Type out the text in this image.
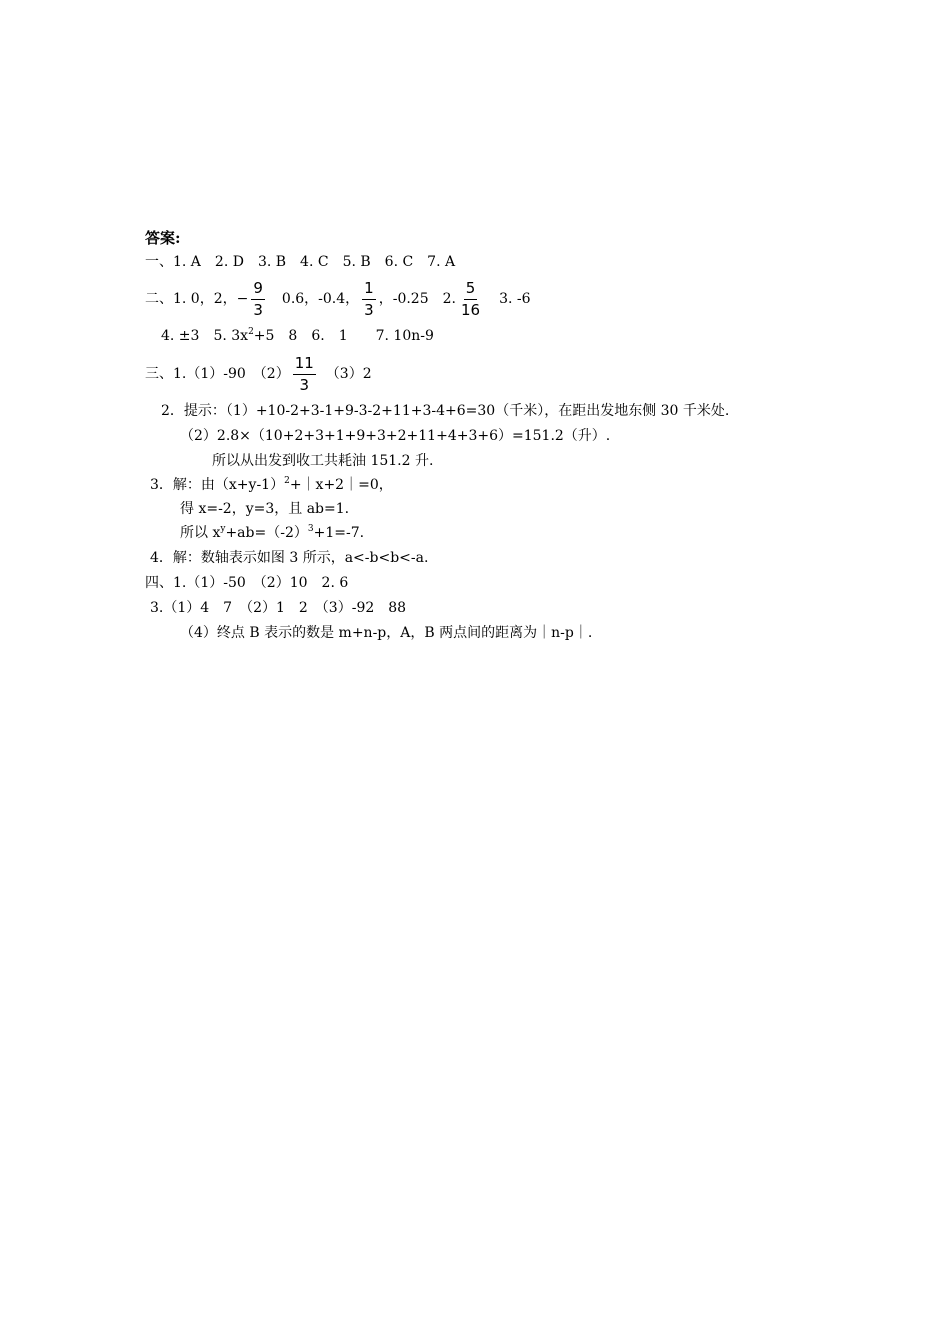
答案:
一、1. A　2. D　3. B　4. C　5. B　6. C　7. A
二、1. 0，2， − $\frac{9}{3}$ 　0.6，-0.4， $\frac{1}{3}$ ，-0.25　2. $\frac{5}{16}$ 　3. -6
4. ±3　5. $3x^2 +5$　8　6.　1　　7. 10n-9
三、1.（1）-90　$(2) \frac{11}{3}$ 　（3）2
2．提示：（1）+10-2+3-1+9-3-2+11+3-4+6=30（千米），在距出发地东侧 30 千米处.
（2）2.8×（10+2+3+1+9+3+2+11+4+3+6）=151.2（升）.
所以从出发到收工共耗油 151.2 升.
3．解：由$(x+y-1)^2$ +｜x+2｜=0，
得 x=-2，y=3，且 ab=1.
所以 $x^y +ab=(-2)^3 +1=-7$.
4．解：数轴表示如图 3 所示，a<-b<b<-a.
四、1.（1）-50　（2）10　2. 6
3.（1）4　7　（2）1　2　（3）-92　88
（4）终点 B 表示的数是 m+n-p，A，B 两点间的距离为｜n-p｜.
